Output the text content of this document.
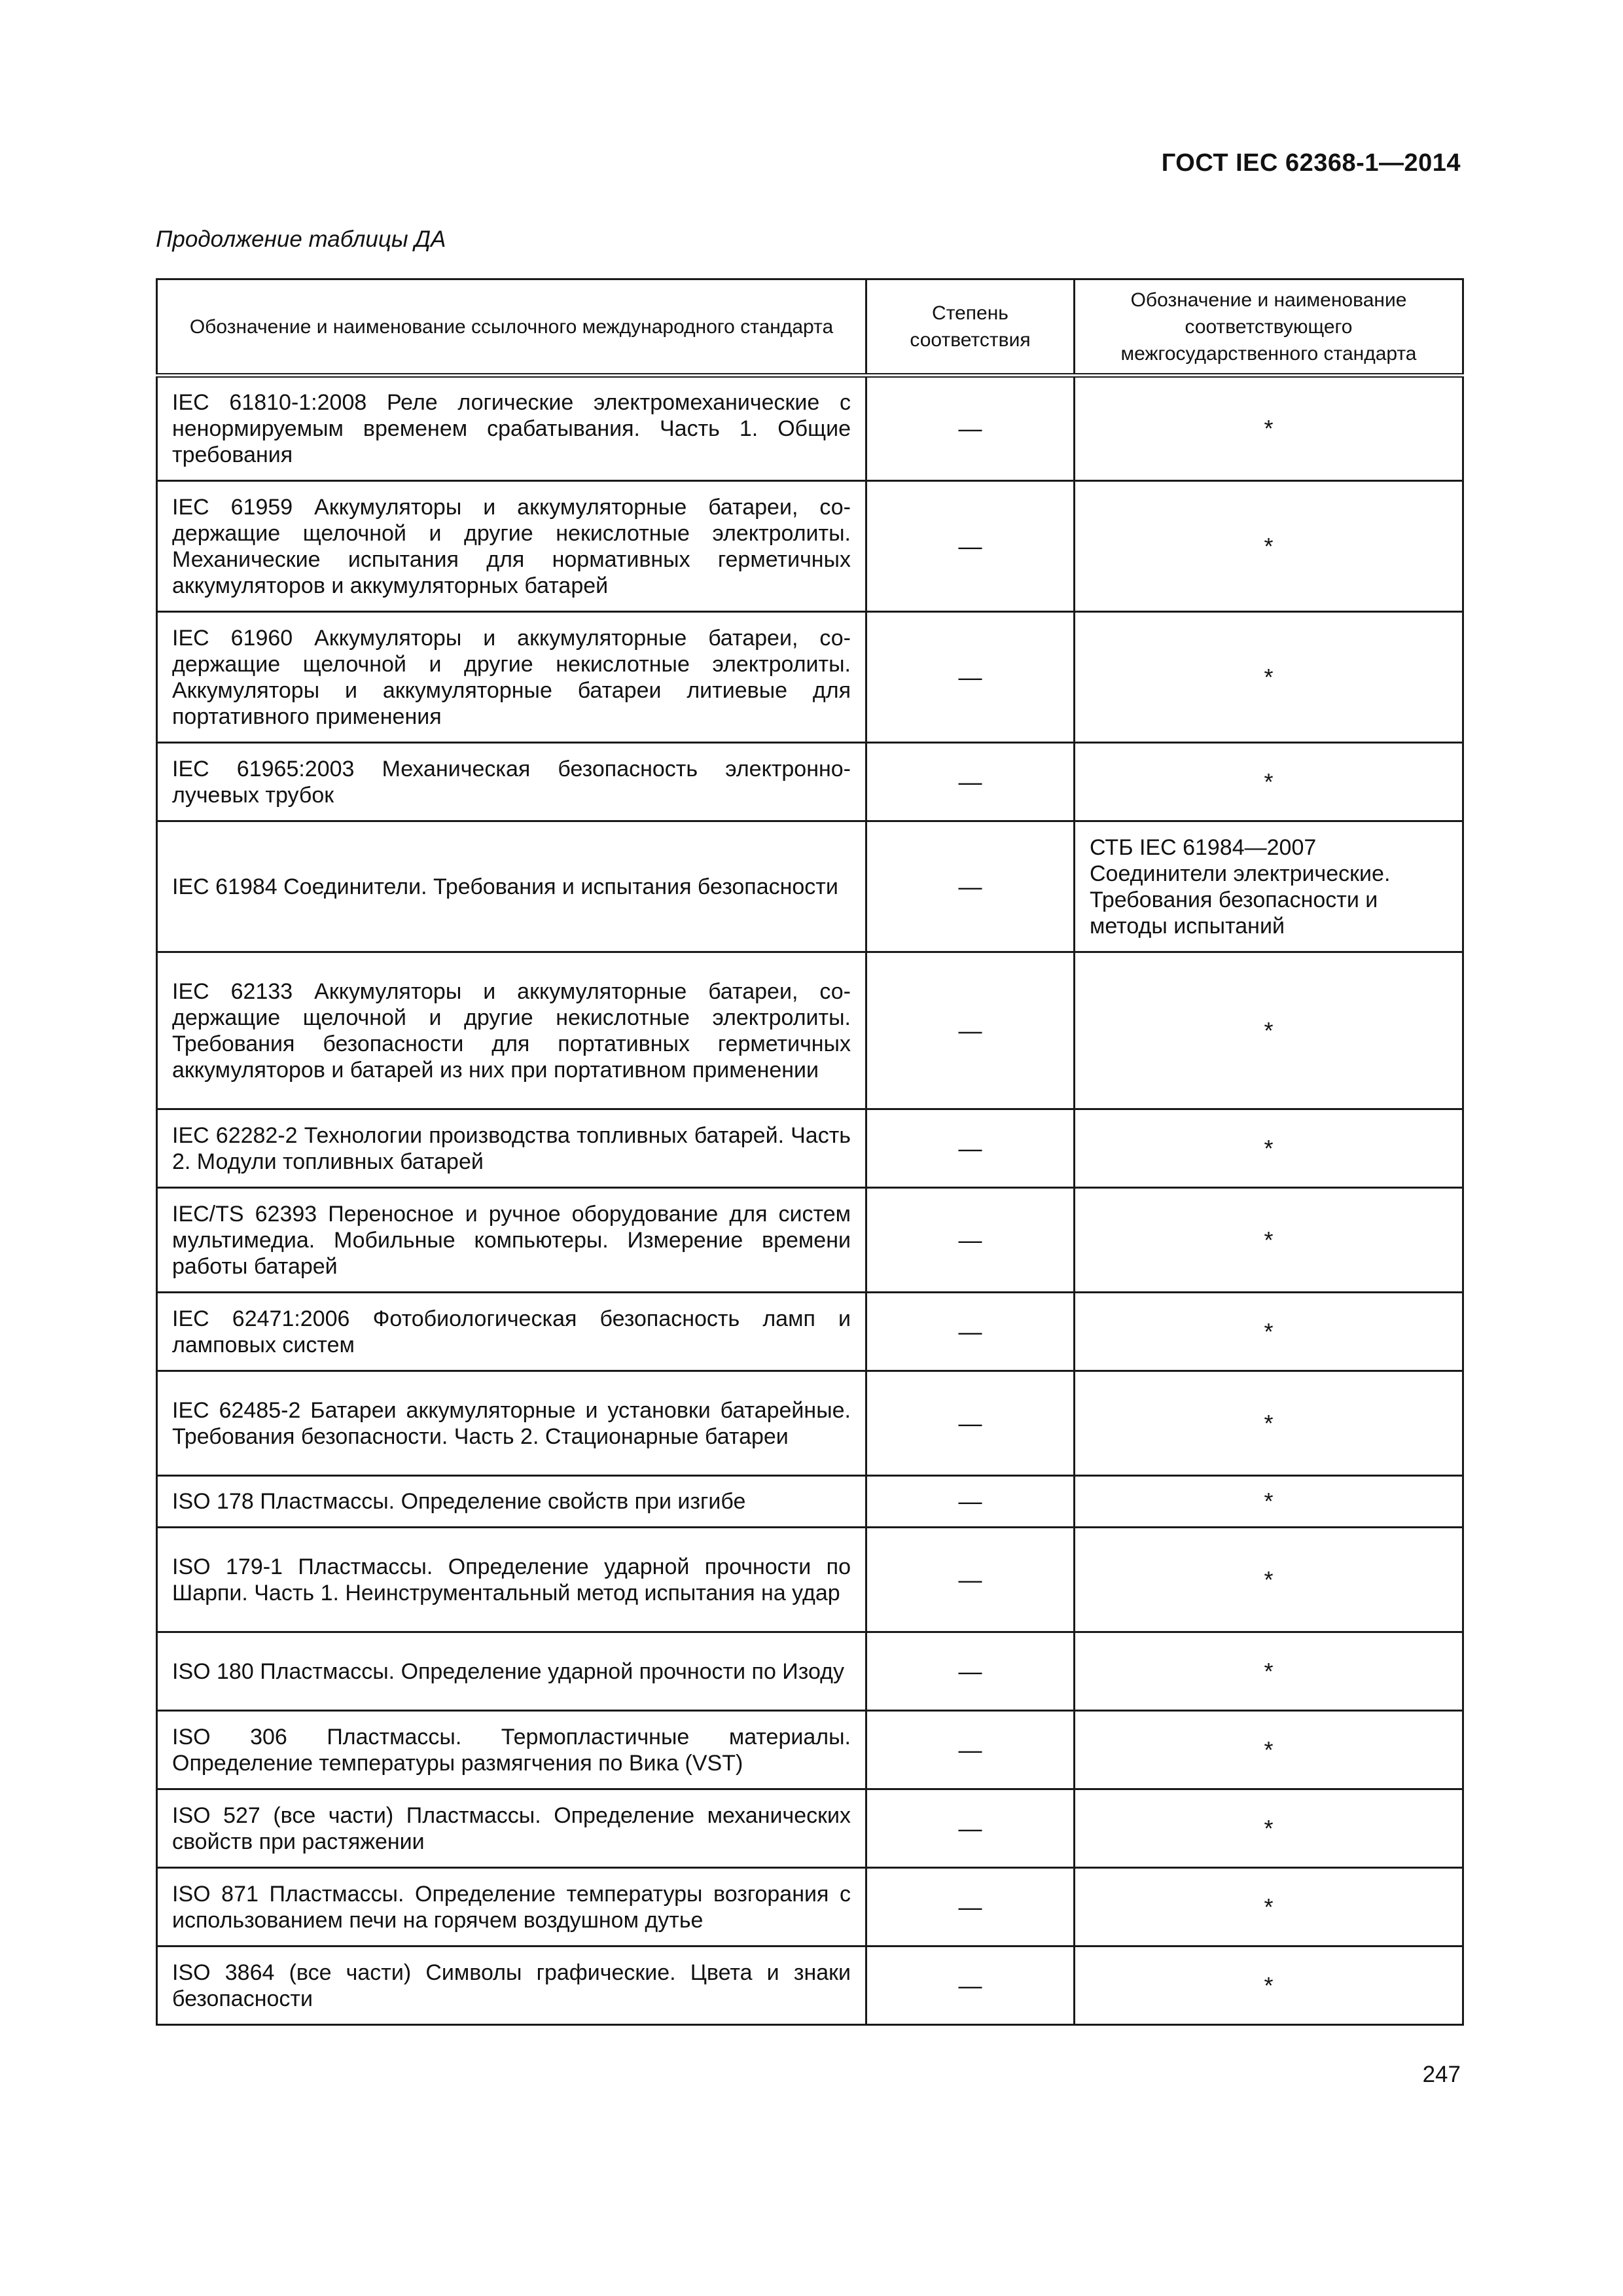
ГОСТ IEC 62368-1—2014
Продолжение таблицы ДА
Обозначение и наименование ссылочного международного стандарта	Степень соответствия	Обозначение и наименование соответствующего межгосударственного стандарта
IEC 61810-1:2008 Реле логические электромеханические с ненормируемым временем срабатывания. Часть 1. Общие требования	—	*
IEC 61959 Аккумуляторы и аккумуляторные батареи, содержащие щелочной и другие некислотные электролиты. Механические испытания для нормативных герметичных аккумуляторов и аккумуляторных батарей	—	*
IEC 61960 Аккумуляторы и аккумуляторные батареи, содержащие щелочной и другие некислотные электролиты. Аккумуляторы и аккумуляторные батареи литиевые для портативного применения	—	*
IEC 61965:2003 Механическая безопасность электронно-лучевых трубок	—	*
IEC 61984 Соединители. Требования и испытания безопасности	—	СТБ IEC 61984—2007 Соединители электрические. Требования безопасности и методы испытаний
IEC 62133 Аккумуляторы и аккумуляторные батареи, содержащие щелочной и другие некислотные электролиты. Требования безопасности для портативных герметичных аккумуляторов и батарей из них при портативном применении	—	*
IEC 62282-2 Технологии производства топливных батарей. Часть 2. Модули топливных батарей	—	*
IEC/TS 62393 Переносное и ручное оборудование для систем мультимедиа. Мобильные компьютеры. Измерение времени работы батарей	—	*
IEC 62471:2006 Фотобиологическая безопасность ламп и ламповых систем	—	*
IEC 62485-2 Батареи аккумуляторные и установки батарейные. Требования безопасности. Часть 2. Стационарные батареи	—	*
ISO 178 Пластмассы. Определение свойств при изгибе	—	*
ISO 179-1 Пластмассы. Определение ударной прочности по Шарпи. Часть 1. Неинструментальный метод испытания на удар	—	*
ISO 180 Пластмассы. Определение ударной прочности по Изоду	—	*
ISO 306 Пластмассы. Термопластичные материалы. Определение температуры размягчения по Вика (VST)	—	*
ISO 527 (все части) Пластмассы. Определение механических свойств при растяжении	—	*
ISO 871 Пластмассы. Определение температуры возгорания с использованием печи на горячем воздушном дутье	—	*
ISO 3864 (все части) Символы графические. Цвета и знаки безопасности	—	*
247
